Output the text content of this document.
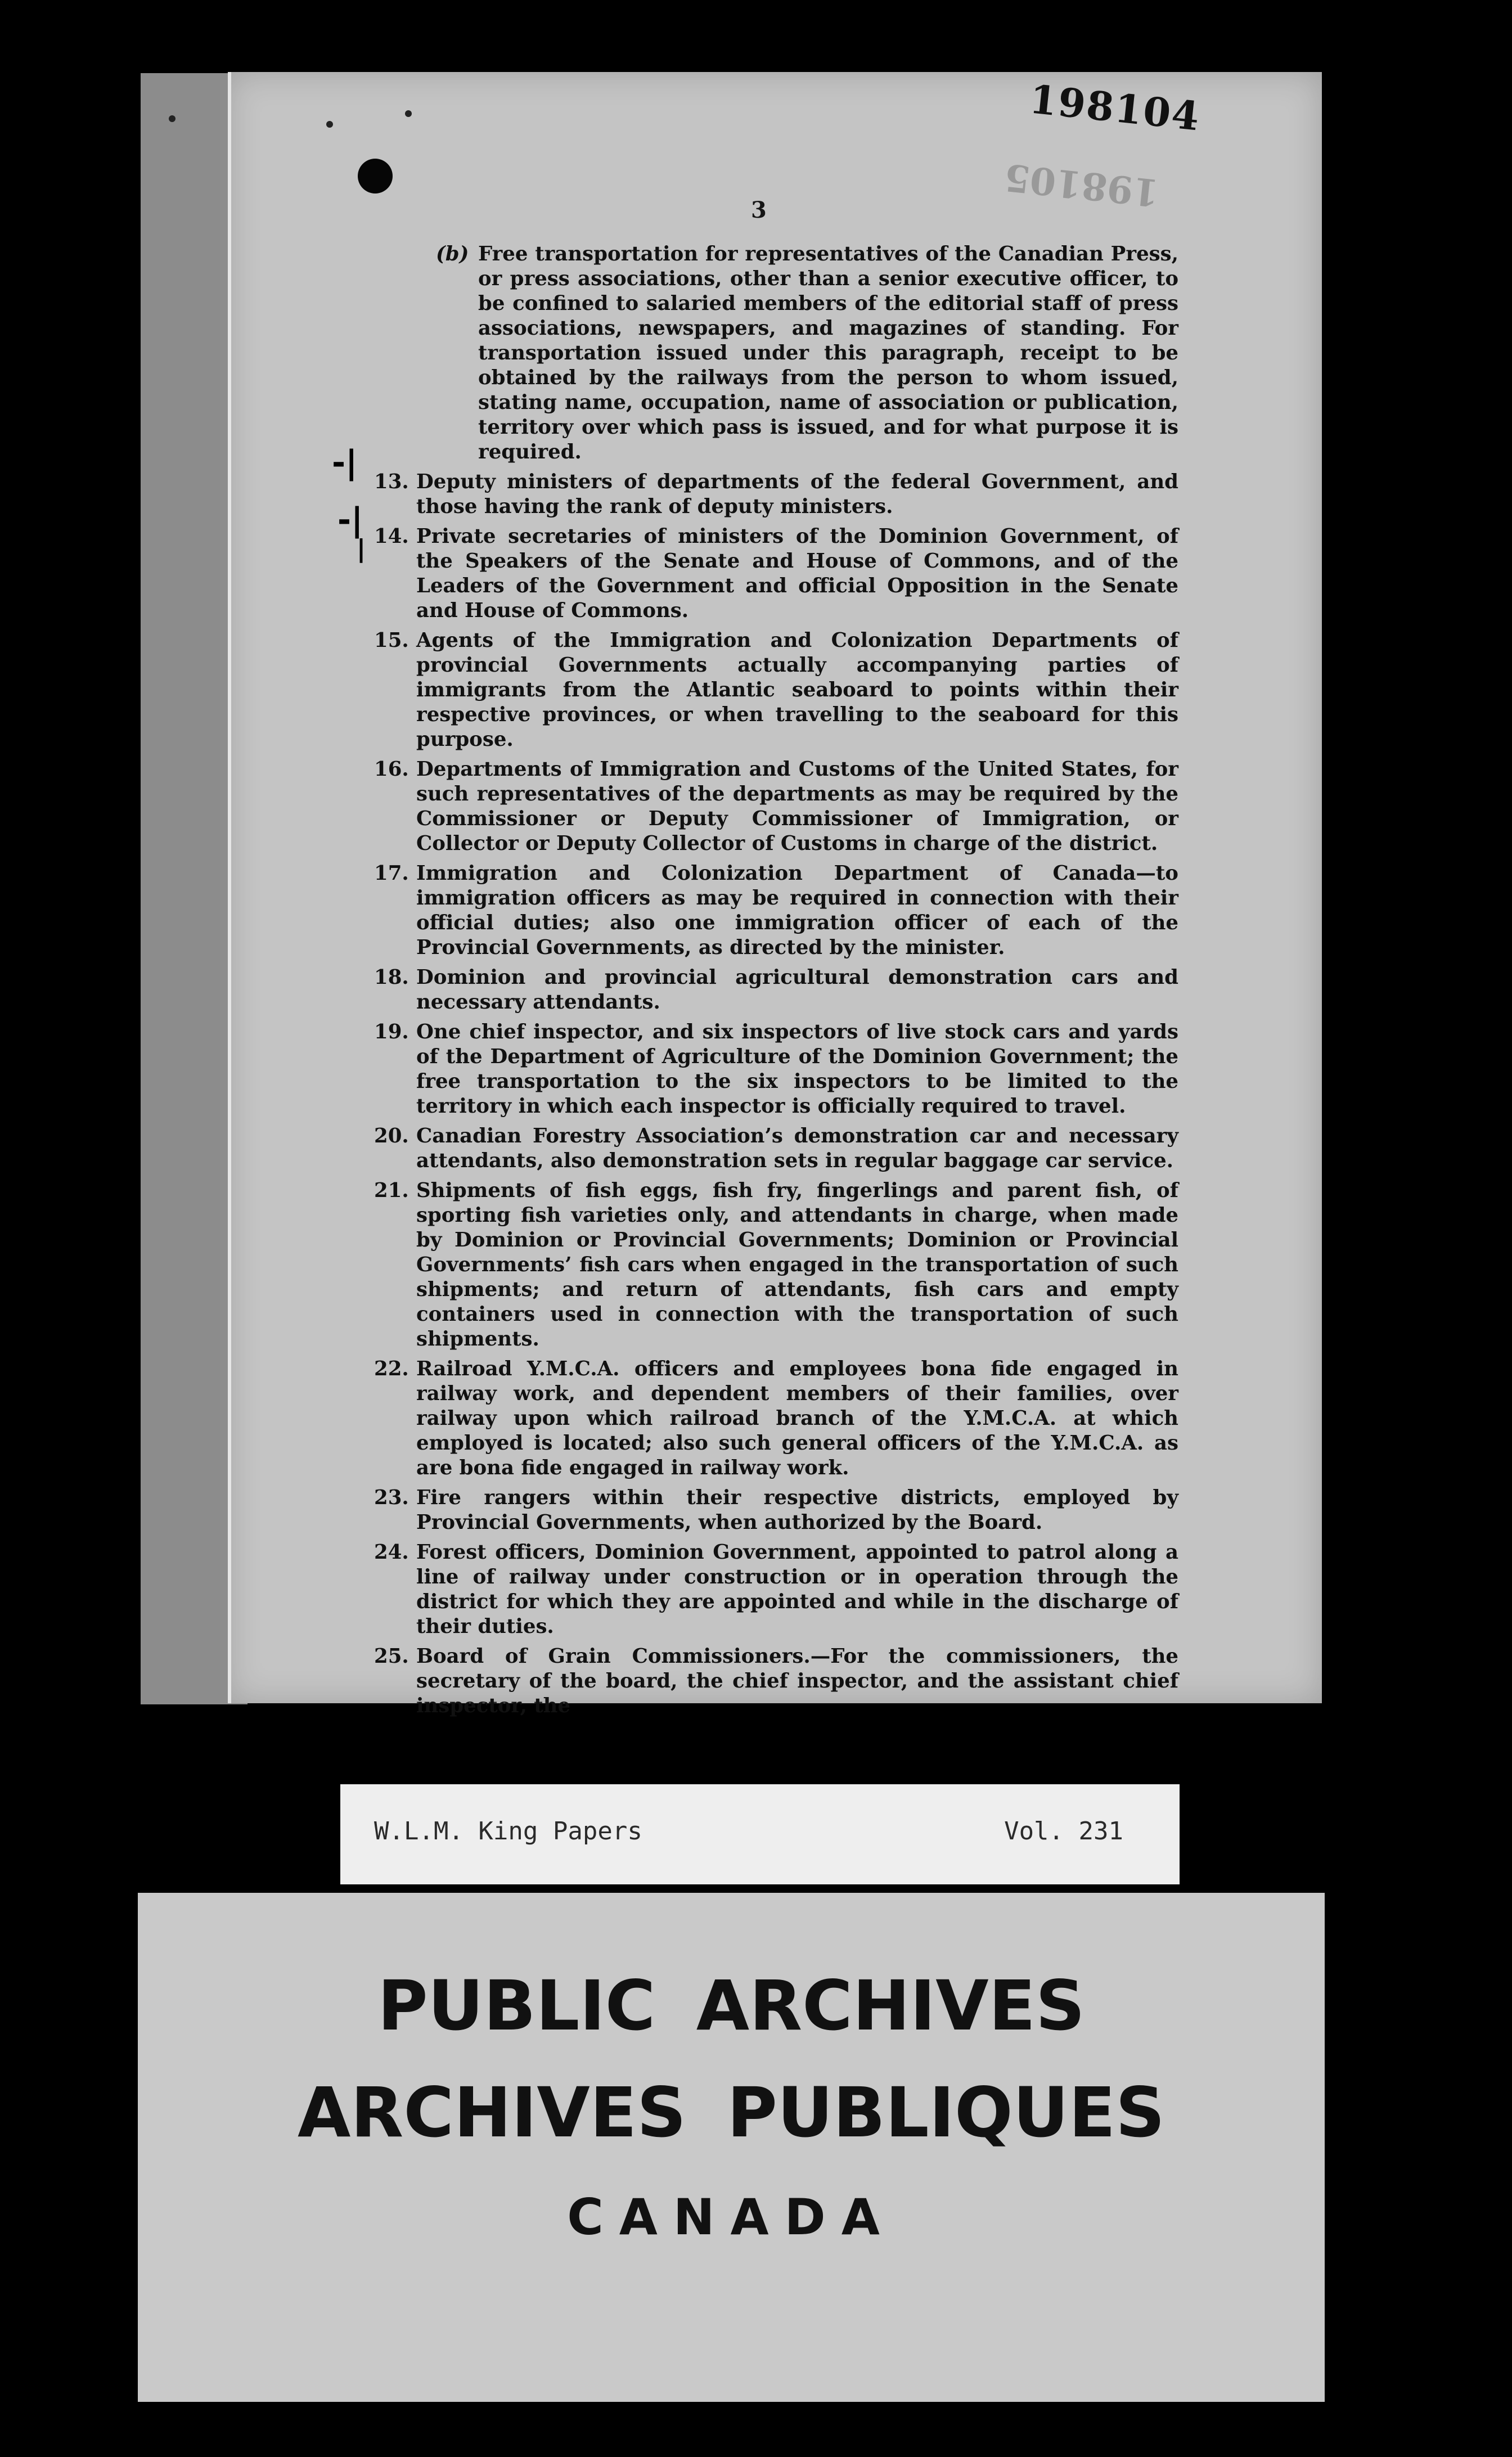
198105
198104
3
-|
-|
|

(b) Free transportation for representatives of the Canadian Press, or press associations, other than a senior executive officer, to be confined to salaried members of the editorial staff of press associations, newspapers, and magazines of standing. For transportation issued under this paragraph, receipt to be obtained by the railways from the person to whom issued, stating name, occupation, name of association or publication, territory over which pass is issued, and for what purpose it is required.

13. Deputy ministers of departments of the federal Government, and those having the rank of deputy ministers.

14. Private secretaries of ministers of the Dominion Government, of the Speakers of the Senate and House of Commons, and of the Leaders of the Government and official Opposition in the Senate and House of Commons.

15. Agents of the Immigration and Colonization Departments of provincial Governments actually accompanying parties of immigrants from the Atlantic seaboard to points within their respective provinces, or when travelling to the seaboard for this purpose.

16. Departments of Immigration and Customs of the United States, for such representatives of the departments as may be required by the Commissioner or Deputy Commissioner of Immigration, or Collector or Deputy Collector of Customs in charge of the district.

17. Immigration and Colonization Department of Canada—to immigration officers as may be required in connection with their official duties; also one immigration officer of each of the Provincial Governments, as directed by the minister.

18. Dominion and provincial agricultural demonstration cars and necessary attendants.

19. One chief inspector, and six inspectors of live stock cars and yards of the Department of Agriculture of the Dominion Government; the free transportation to the six inspectors to be limited to the territory in which each inspector is officially required to travel.

20. Canadian Forestry Association’s demonstration car and necessary attendants, also demonstration sets in regular baggage car service.

21. Shipments of fish eggs, fish fry, fingerlings and parent fish, of sporting fish varieties only, and attendants in charge, when made by Dominion or Provincial Governments; Dominion or Provincial Governments’ fish cars when engaged in the transportation of such shipments; and return of attendants, fish cars and empty containers used in connection with the transportation of such shipments.

22. Railroad Y.M.C.A. officers and employees bona fide engaged in railway work, and dependent members of their families, over railway upon which railroad branch of the Y.M.C.A. at which employed is located; also such general officers of the Y.M.C.A. as are bona fide engaged in railway work.

23. Fire rangers within their respective districts, employed by Provincial Governments, when authorized by the Board.

24. Forest officers, Dominion Government, appointed to patrol along a line of railway under construction or in operation through the district for which they are appointed and while in the discharge of their duties.

25. Board of Grain Commissioners.—For the commissioners, the secretary of the board, the chief inspector, and the assistant chief inspector, the

W.L.M. King Papers	Vol. 231
PUBLIC ARCHIVES
ARCHIVES PUBLIQUES
CANADA
